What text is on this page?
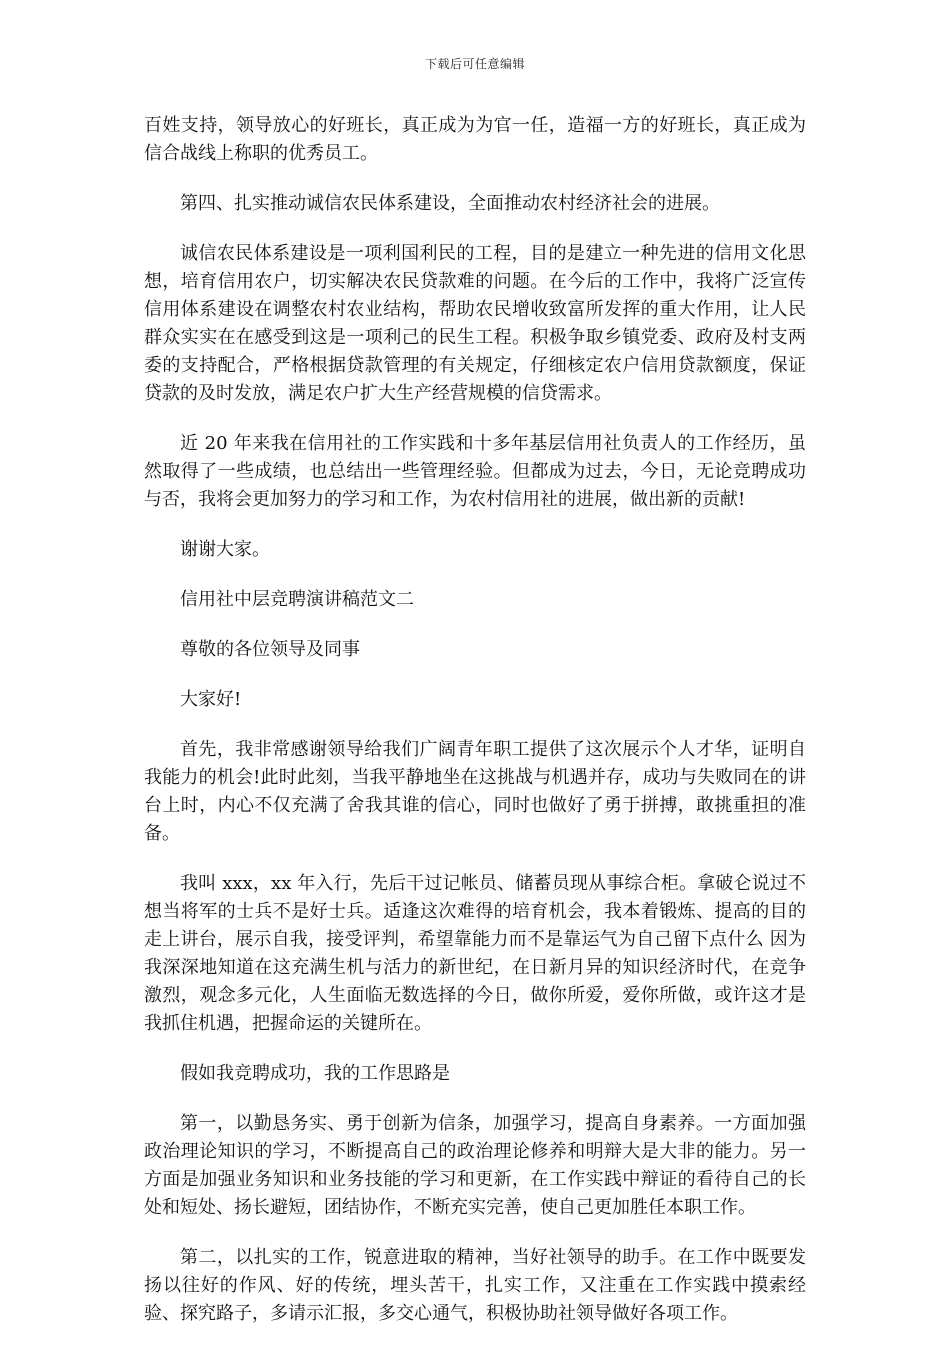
下载后可任意编辑

百姓支持，领导放心的好班长，真正成为为官一任，造福一方的好班长，真正成为信合战线上称职的优秀员工。

第四、扎实推动诚信农民体系建设，全面推动农村经济社会的进展。

诚信农民体系建设是一项利国利民的工程，目的是建立一种先进的信用文化思想，培育信用农户，切实解决农民贷款难的问题。在今后的工作中，我将广泛宣传信用体系建设在调整农村农业结构，帮助农民增收致富所发挥的重大作用，让人民群众实实在在感受到这是一项利己的民生工程。积极争取乡镇党委、政府及村支两委的支持配合，严格根据贷款管理的有关规定，仔细核定农户信用贷款额度，保证贷款的及时发放，满足农户扩大生产经营规模的信贷需求。

近 20 年来我在信用社的工作实践和十多年基层信用社负责人的工作经历，虽然取得了一些成绩，也总结出一些管理经验。但都成为过去，今日，无论竞聘成功与否，我将会更加努力的学习和工作，为农村信用社的进展，做出新的贡献!

谢谢大家。

信用社中层竞聘演讲稿范文二

尊敬的各位领导及同事

大家好!

首先，我非常感谢领导给我们广阔青年职工提供了这次展示个人才华，证明自我能力的机会!此时此刻，当我平静地坐在这挑战与机遇并存，成功与失败同在的讲台上时，内心不仅充满了舍我其谁的信心，同时也做好了勇于拼搏，敢挑重担的准备。

我叫 xxx，xx 年入行，先后干过记帐员、储蓄员现从事综合柜。拿破仑说过不想当将军的士兵不是好士兵。适逢这次难得的培育机会，我本着锻炼、提高的目的走上讲台，展示自我，接受评判，希望靠能力而不是靠运气为自己留下点什么 因为我深深地知道在这充满生机与活力的新世纪，在日新月异的知识经济时代，在竞争激烈，观念多元化，人生面临无数选择的今日，做你所爱，爱你所做，或许这才是我抓住机遇，把握命运的关键所在。

假如我竞聘成功，我的工作思路是

第一，以勤恳务实、勇于创新为信条，加强学习，提高自身素养。一方面加强政治理论知识的学习，不断提高自己的政治理论修养和明辩大是大非的能力。另一方面是加强业务知识和业务技能的学习和更新，在工作实践中辩证的看待自己的长处和短处、扬长避短，团结协作，不断充实完善，使自己更加胜任本职工作。

第二，以扎实的工作，锐意进取的精神，当好社领导的助手。在工作中既要发扬以往好的作风、好的传统，埋头苦干，扎实工作，又注重在工作实践中摸索经验、探究路子，多请示汇报，多交心通气，积极协助社领导做好各项工作。
